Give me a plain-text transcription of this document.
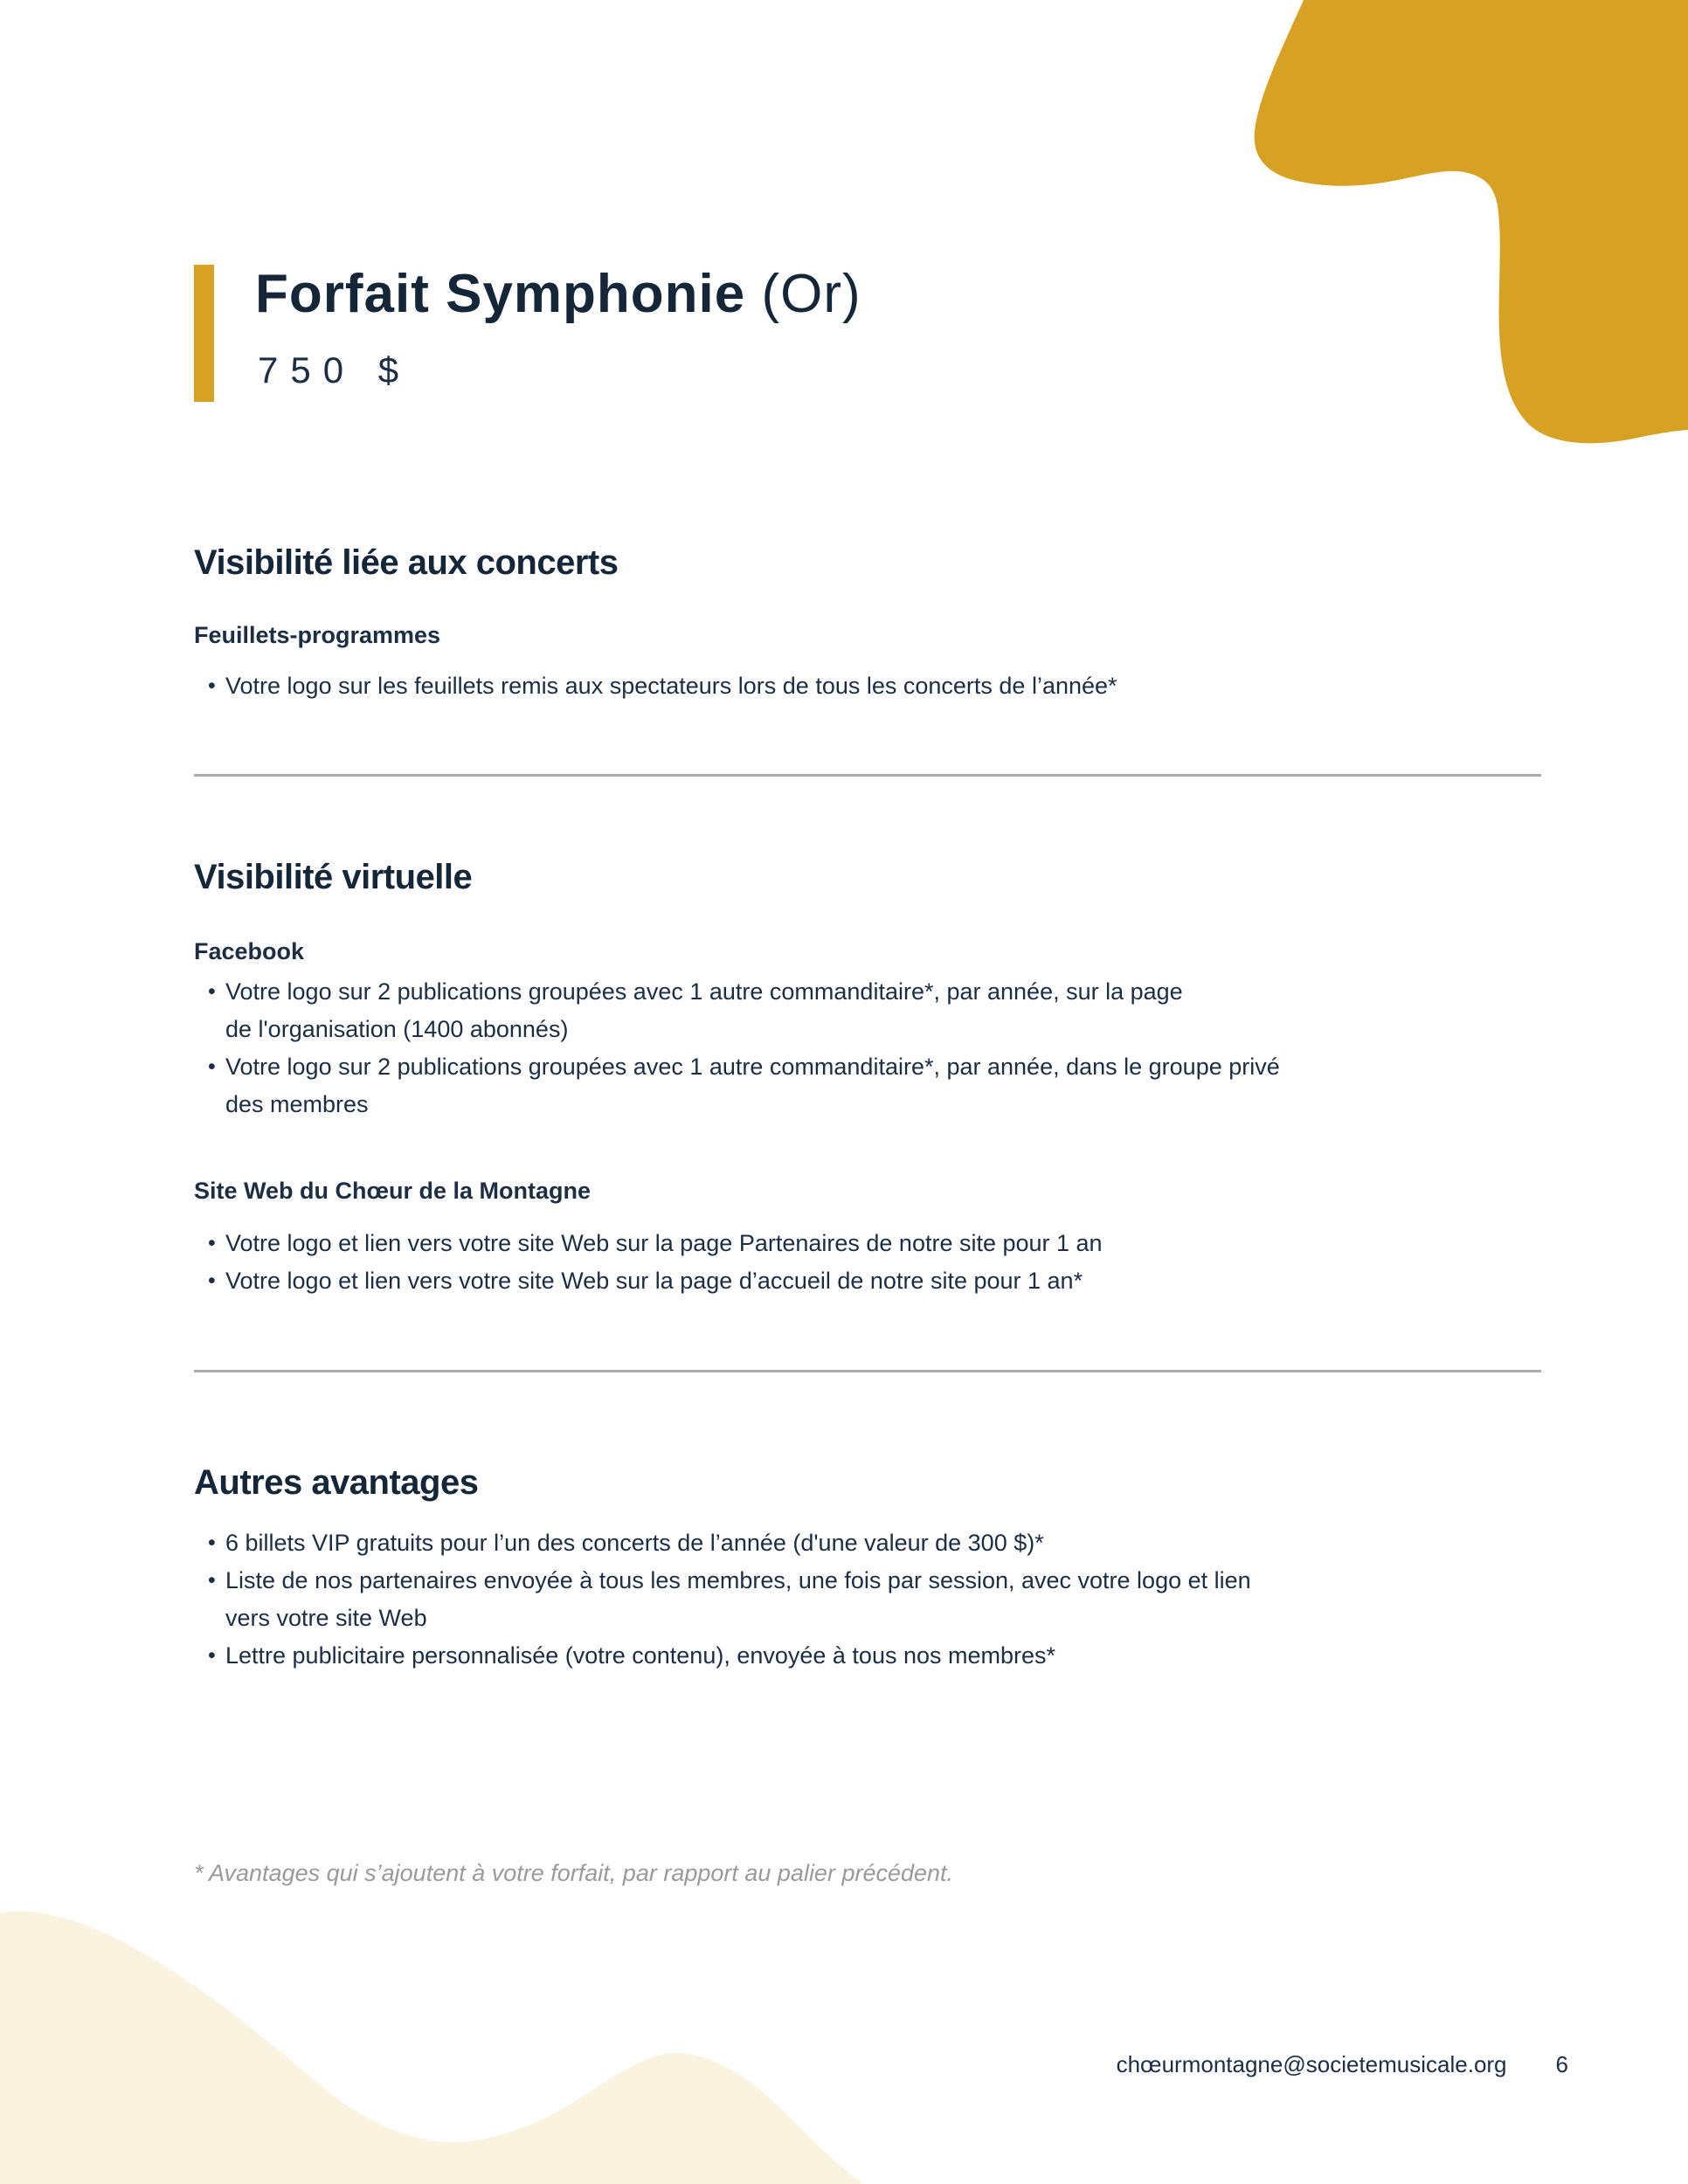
Forfait Symphonie (Or)
750 $
Visibilité liée aux concerts
Feuillets-programmes
• Votre logo sur les feuillets remis aux spectateurs lors de tous les concerts de l’année*
Visibilité virtuelle
Facebook
• Votre logo sur 2 publications groupées avec 1 autre commanditaire*, par année, sur la page
de l'organisation (1400 abonnés)
• Votre logo sur 2 publications groupées avec 1 autre commanditaire*, par année, dans le groupe privé
des membres
Site Web du Chœur de la Montagne
• Votre logo et lien vers votre site Web sur la page Partenaires de notre site pour 1 an
• Votre logo et lien vers votre site Web sur la page d’accueil de notre site pour 1 an*
Autres avantages
• 6 billets VIP gratuits pour l’un des concerts de l’année (d'une valeur de 300 $)*
• Liste de nos partenaires envoyée à tous les membres, une fois par session, avec votre logo et lien
vers votre site Web
• Lettre publicitaire personnalisée (votre contenu), envoyée à tous nos membres*
* Avantages qui s’ajoutent à votre forfait, par rapport au palier précédent.
chœurmontagne@societemusicale.org 6
